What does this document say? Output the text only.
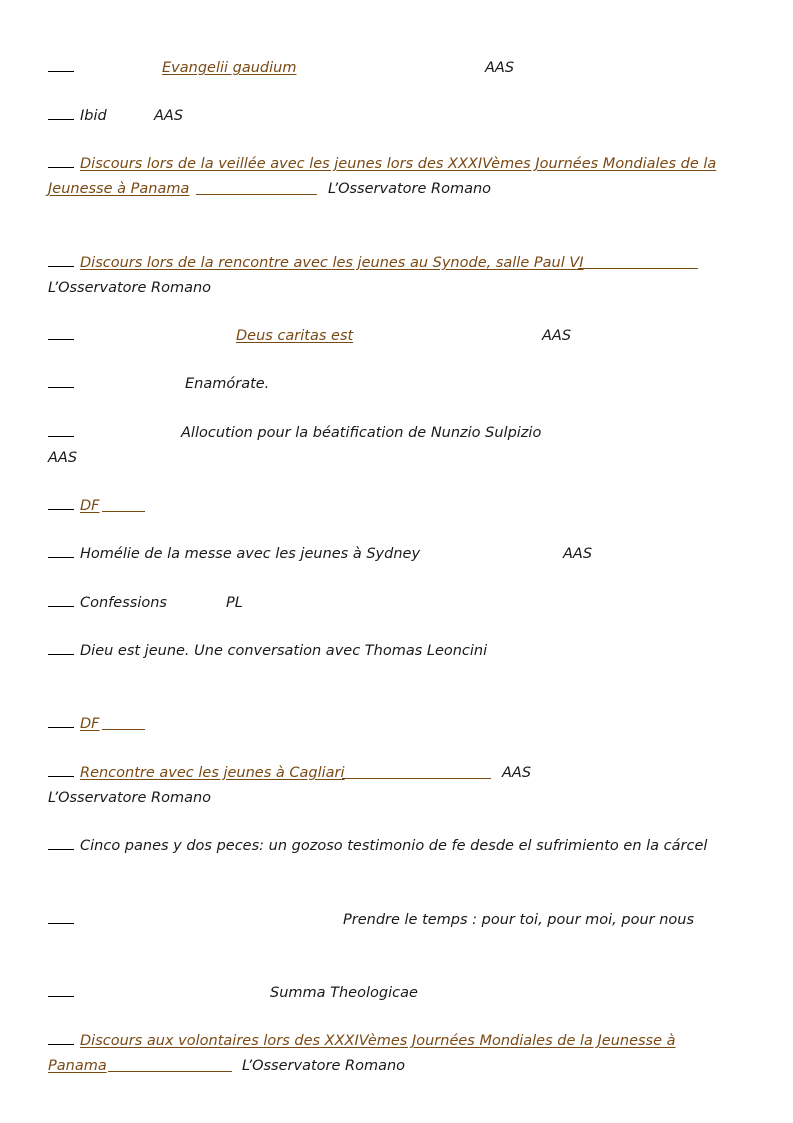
Evangelii gaudium	AAS
Ibid	AAS
Discours lors de la veillée avec les jeunes lors des XXXIVèmes Journées Mondiales de la
Jeunesse à Panama	L’Osservatore Romano
Discours lors de la rencontre avec les jeunes au Synode, salle Paul VI
L’Osservatore Romano
Deus caritas est	AAS
Enamórate.
Allocution pour la béatification de Nunzio Sulpizio
AAS
DF
Homélie de la messe avec les jeunes à Sydney	AAS
Confessions	PL
Dieu est jeune. Une conversation avec Thomas Leoncini
DF
Rencontre avec les jeunes à Cagliari	AAS
L’Osservatore Romano
Cinco panes y dos peces: un gozoso testimonio de fe desde el sufrimiento en la cárcel
Prendre le temps : pour toi, pour moi, pour nous
Summa Theologicae
Discours aux volontaires lors des XXXIVèmes Journées Mondiales de la Jeunesse à
Panama	L’Osservatore Romano
